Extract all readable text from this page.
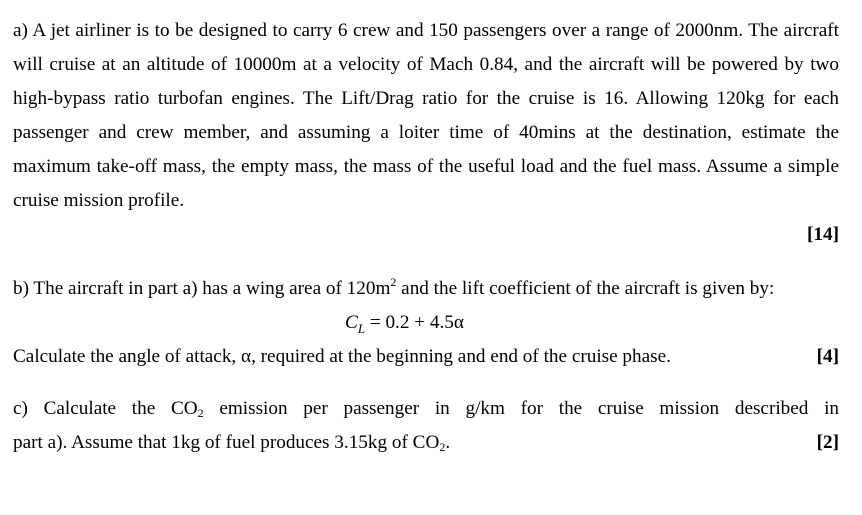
a) A jet airliner is to be designed to carry 6 crew and 150 passengers over a range of 2000nm. The aircraft will cruise at an altitude of 10000m at a velocity of Mach 0.84, and the aircraft will be powered by two high-bypass ratio turbofan engines. The Lift/Drag ratio for the cruise is 16. Allowing 120kg for each passenger and crew member, and assuming a loiter time of 40mins at the destination, estimate the maximum take-off mass, the empty mass, the mass of the useful load and the fuel mass. Assume a simple cruise mission profile.

[14]

b) The aircraft in part a) has a wing area of $120m^2$ and the lift coefficient of the aircraft is given by:

$C_L = 0.2 + 4.5\alpha$
Calculate the angle of attack, α, required at the beginning and end of the cruise phase.	[4]

c) Calculate the CO2 emission per passenger in g/km for the cruise mission described in

part a). Assume that 1kg of fuel produces 3.15kg of CO2.	[2]
